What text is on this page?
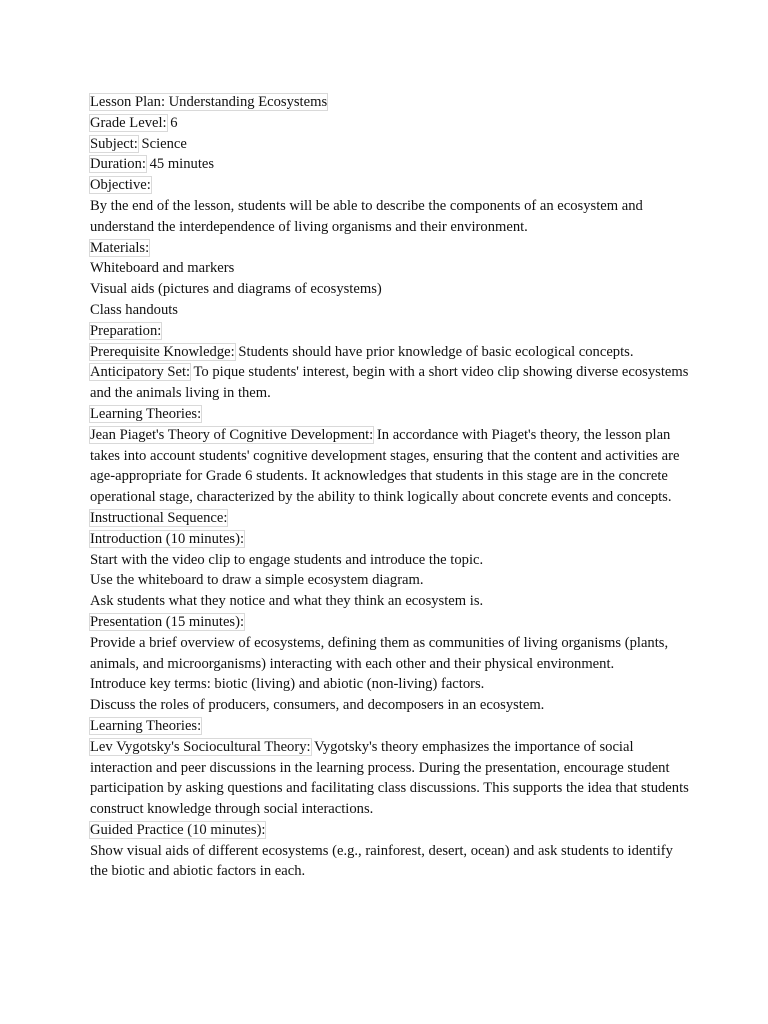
Lesson Plan: Understanding Ecosystems

Grade Level: 6

Subject: Science

Duration: 45 minutes

Objective:

By the end of the lesson, students will be able to describe the components of an ecosystem and understand the interdependence of living organisms and their environment.

Materials:

Whiteboard and markers

Visual aids (pictures and diagrams of ecosystems)

Class handouts

Preparation:

Prerequisite Knowledge: Students should have prior knowledge of basic ecological concepts.

Anticipatory Set: To pique students' interest, begin with a short video clip showing diverse ecosystems and the animals living in them.

Learning Theories:

Jean Piaget's Theory of Cognitive Development: In accordance with Piaget's theory, the lesson plan takes into account students' cognitive development stages, ensuring that the content and activities are age-appropriate for Grade 6 students. It acknowledges that students in this stage are in the concrete operational stage, characterized by the ability to think logically about concrete events and concepts.

Instructional Sequence:

Introduction (10 minutes):

Start with the video clip to engage students and introduce the topic.

Use the whiteboard to draw a simple ecosystem diagram.

Ask students what they notice and what they think an ecosystem is.

Presentation (15 minutes):

Provide a brief overview of ecosystems, defining them as communities of living organisms (plants, animals, and microorganisms) interacting with each other and their physical environment.

Introduce key terms: biotic (living) and abiotic (non-living) factors.

Discuss the roles of producers, consumers, and decomposers in an ecosystem.

Learning Theories:

Lev Vygotsky's Sociocultural Theory: Vygotsky's theory emphasizes the importance of social interaction and peer discussions in the learning process. During the presentation, encourage student participation by asking questions and facilitating class discussions. This supports the idea that students construct knowledge through social interactions.

Guided Practice (10 minutes):

Show visual aids of different ecosystems (e.g., rainforest, desert, ocean) and ask students to identify the biotic and abiotic factors in each.
